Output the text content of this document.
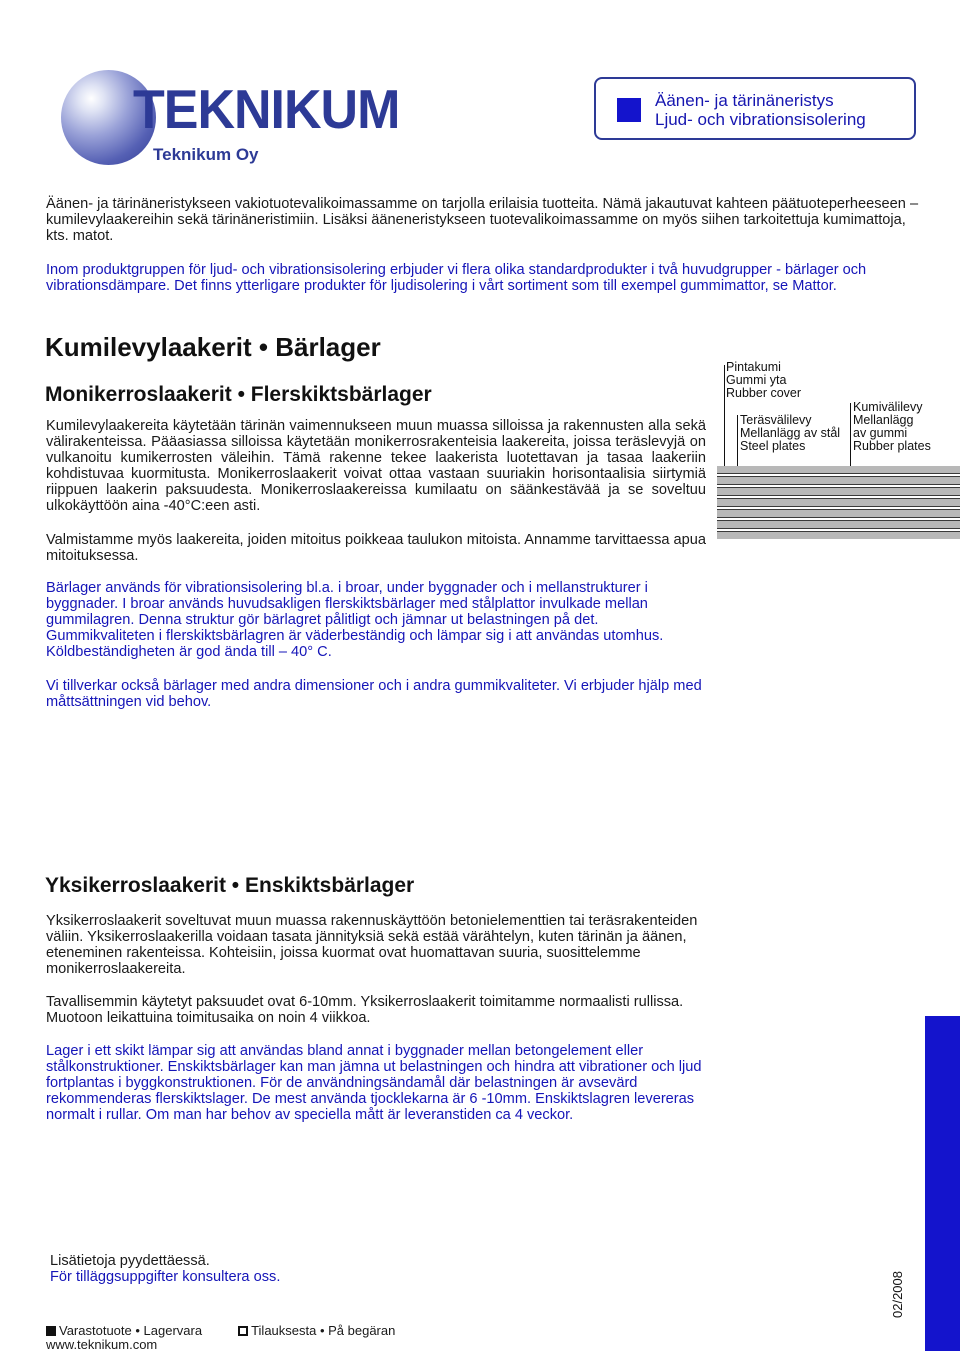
TEKNIKUM
Teknikum Oy
Äänen- ja tärinäneristys
Ljud- och vibrationsisolering

Äänen- ja tärinäneristykseen vakiotuotevalikoimassamme on tarjolla erilaisia tuotteita. Nämä jakautuvat kahteen päätuoteperheeseen – kumilevylaakereihin sekä tärinäneristimiin. Lisäksi ääneneristykseen tuotevalikoimassamme on myös siihen tarkoitettuja kumimattoja, kts. matot.

Inom produktgruppen för ljud- och vibrationsisolering erbjuder vi flera olika standardprodukter i två huvudgrupper - bärlager och vibrationsdämpare. Det finns ytterligare produkter för ljudisolering i vårt sortiment som till exempel gummimattor, se Mattor.

Kumilevylaakerit • Bärlager
Monikerroslaakerit • Flerskiktsbärlager

Kumilevylaakereita käytetään tärinän vaimennukseen muun muassa silloissa ja rakennusten alla sekä välirakenteissa. Pääasiassa silloissa käytetään monikerrosrakenteisia laakereita, joissa teräslevyjä on vulkanoitu kumikerrosten väleihin. Tämä rakenne tekee laakerista luotettavan ja tasaa laakeriin kohdistuvaa kuormitusta. Monikerroslaakerit voivat ottaa vastaan suuriakin horisontaalisia siirtymiä riippuen laakerin paksuudesta. Monikerroslaakereissa kumilaatu on säänkestävää ja se soveltuu ulkokäyttöön aina -40°C:een asti.

Valmistamme myös laakereita, joiden mitoitus poikkeaa taulukon mitoista. Annamme tarvittaessa apua mitoituksessa.

Bärlager används för vibrationsisolering bl.a. i broar, under byggnader och i mellanstrukturer i byggnader. I broar används huvudsakligen flerskiktsbärlager med stålplattor invulkade mellan gummilagren. Denna struktur gör bärlagret pålitligt och jämnar ut belastningen på det. Gummikvaliteten i flerskiktsbärlagren är väderbeständig och lämpar sig i att användas utomhus. Köldbeständigheten är god ända till – 40° C.

Vi tillverkar också bärlager med andra dimensioner och i andra gummikvaliteter. Vi erbjuder hjälp med måttsättningen vid behov.

Pintakumi
Gummi yta
Rubber cover
Teräsvälilevy
Mellanlägg av stål
Steel plates
Kumivälilevy
Mellanlägg
av gummi
Rubber plates
Yksikerroslaakerit • Enskiktsbärlager

Yksikerroslaakerit soveltuvat muun muassa rakennuskäyttöön betonielementtien tai teräsrakenteiden väliin. Yksikerroslaakerilla voidaan tasata jännityksiä sekä estää värähtelyn, kuten tärinän ja äänen, eteneminen rakenteissa. Kohteisiin, joissa kuormat ovat huomattavan suuria, suosittelemme monikerroslaakereita.

Tavallisemmin käytetyt paksuudet ovat 6-10mm. Yksikerroslaakerit toimitamme normaalisti rullissa. Muotoon leikattuina toimitusaika on noin 4 viikkoa.

Lager i ett skikt lämpar sig att användas bland annat i byggnader mellan betongelement eller stålkonstruktioner. Enskiktsbärlager kan man jämna ut belastningen och hindra att vibrationer och ljud fortplantas i byggkonstruktionen. För de användningsändamål där belastningen är avsevärd rekommenderas flerskiktslager. De mest använda tjocklekarna är 6 -10mm. Enskiktslagren levereras normalt i rullar. Om man har behov av speciella mått är leveranstiden ca 4 veckor.

02/2008
Lisätietoja pyydettäessä.
För tilläggsuppgifter konsultera oss.
Varastotuote • Lagervara	Tilauksesta • På begäran
www.teknikum.com
